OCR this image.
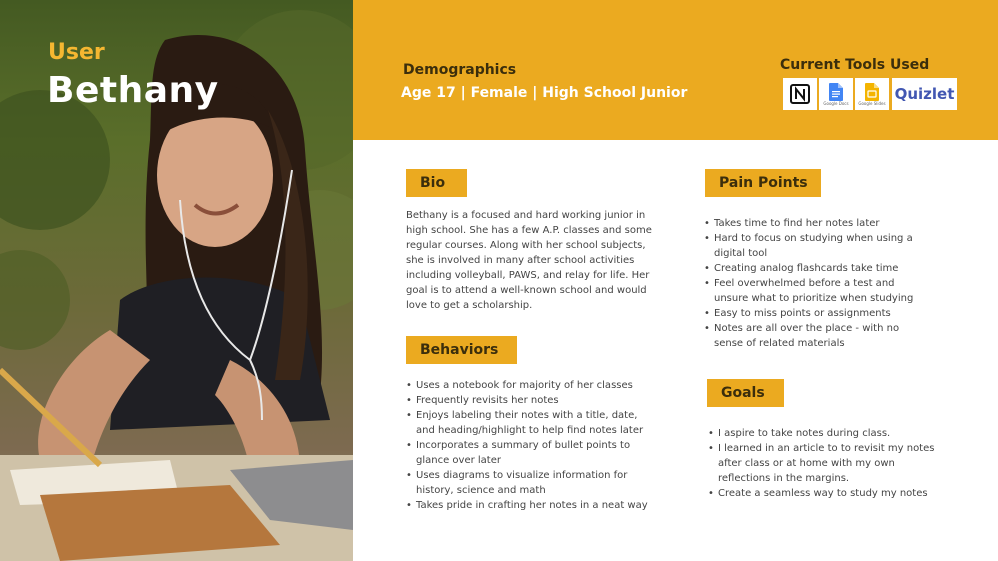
User
Bethany	Demographics
Age 17 | Female | High School Junior
Current Tools Used
Google Docs Google Slides Quizlet
Bio
Bethany is a focused and hard working junior in high school. She has a few A.P. classes and some regular courses. Along with her school subjects, she is involved in many after school activities including volleyball, PAWS, and relay for life. Her goal is to attend a well-known school and would love to get a scholarship.
Behaviors
• Uses a notebook for majority of her classes
• Frequently revisits her notes
• Enjoys labeling their notes with a title, date, and heading/highlight to help find notes later
• Incorporates a summary of bullet points to glance over later
• Uses diagrams to visualize information for history, science and math
• Takes pride in crafting her notes in a neat way
Pain Points
• Takes time to find her notes later
• Hard to focus on studying when using a digital tool
• Creating analog flashcards take time
• Feel overwhelmed before a test and unsure what to prioritize when studying
• Easy to miss points or assignments
• Notes are all over the place - with no sense of related materials
Goals
• I aspire to take notes during class.
• I learned in an article to to revisit my notes after class or at home with my own reflections in the margins.
• Create a seamless way to study my notes
